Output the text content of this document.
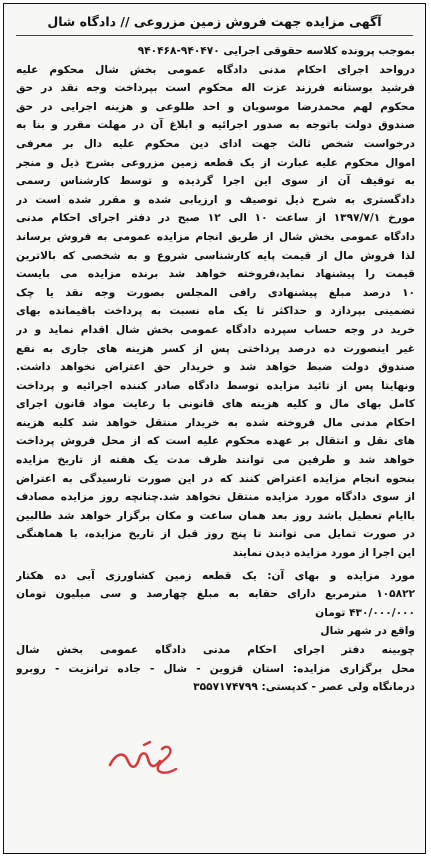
آگهی مزایده جهت فروش زمین مزروعی // دادگاه شال
بموجب پرونده کلاسه حقوقی اجرایی ۹۴۰۴۷۰-۹۴۰۴۶۸
درواحد اجرای احکام مدنی دادگاه عمومی بخش شال محکوم علیه
فرشید بوستانه فرزند عزت اله محکوم است بپرداخت وجه نقد در حق
محکوم لهم محمدرضا موسویان و احد طلوعی و هزینه اجرایی در حق
صندوق دولت باتوجه به صدور اجرائیه و ابلاغ آن در مهلت مقرر و بنا به
درخواست شخص ثالث جهت ادای دین محکوم علیه دال بر معرفی
اموال محکوم علیه عبارت از یک قطعه زمین مزروعی بشرح ذیل و منجر
به توقیف آن از سوی این اجرا گردیده و توسط کارشناس رسمی
دادگستری به شرح ذیل توصیف و ارزیابی شده و مقرر شده است در
مورخ ۱۳۹۷/۷/۱ از ساعت ۱۰ الی ۱۲ صبح در دفتر اجرای احکام مدنی
دادگاه عمومی بخش شال از طریق انجام مزایده عمومی به فروش برساند
لذا فروش مال از قیمت پایه کارشناسی شروع و به شخصی که بالاترین
قیمت را پیشنهاد نماید،فروخته خواهد شد برنده مزایده می بایست
۱۰ درصد مبلغ پیشنهادی رافی المجلس بصورت وجه نقد یا چک
تضمینی بپردازد و حداکثر تا یک ماه نسبت به پرداخت باقیمانده بهای
خرید در وجه حساب سپرده دادگاه عمومی بخش شال اقدام نماید و در
غیر اینصورت ده درصد پرداختی پس از کسر هزینه های جاری به نفع
صندوق دولت ضبط خواهد شد و خریدار حق اعتراض نخواهد داشت.
ونهایتا پس از تائید مزایده توسط دادگاه صادر کننده اجرائیه و پرداخت
کامل بهای مال و کلیه هزینه های قانونی با رعایت مواد قانون اجرای
احکام مدنی مال فروخته شده به خریدار منتقل خواهد شد کلیه هزینه
های نقل و انتقال بر عهده محکوم علیه است که از محل فروش پرداخت
خواهد شد و طرفین می توانند ظرف مدت یک هفته از تاریخ مزایده
بنحوه انجام مزایده اعتراض کنند که در این صورت تارسیدگی به اعتراض
از سوی دادگاه مورد مزایده منتقل نخواهد شد.چنانچه روز مزایده مصادف
باایام تعطیل باشد روز بعد همان ساعت و مکان برگزار خواهد شد طالبین
در صورت تمایل می توانند تا پنج روز قبل از تاریخ مزایده، با هماهنگی
این اجرا از مورد مزایده دیدن نمایند
مورد مزایده و بهای آن: یک قطعه زمین کشاورزی آبی ده هکتار
۱۰۵۸۲۲ مترمربع دارای حقابه به مبلغ چهارصد و سی میلیون تومان
۴۳۰/۰۰۰/۰۰۰ تومان
واقع در شهر شال
چوبینه دفتر اجرای احکام مدنی دادگاه عمومی بخش شال
محل برگزاری مزایده: استان قزوین - شال - جاده ترانزیت - روبرو
درمانگاه ولی عصر - کدپستی: ۳۵۵۷۱۷۴۷۹۹
